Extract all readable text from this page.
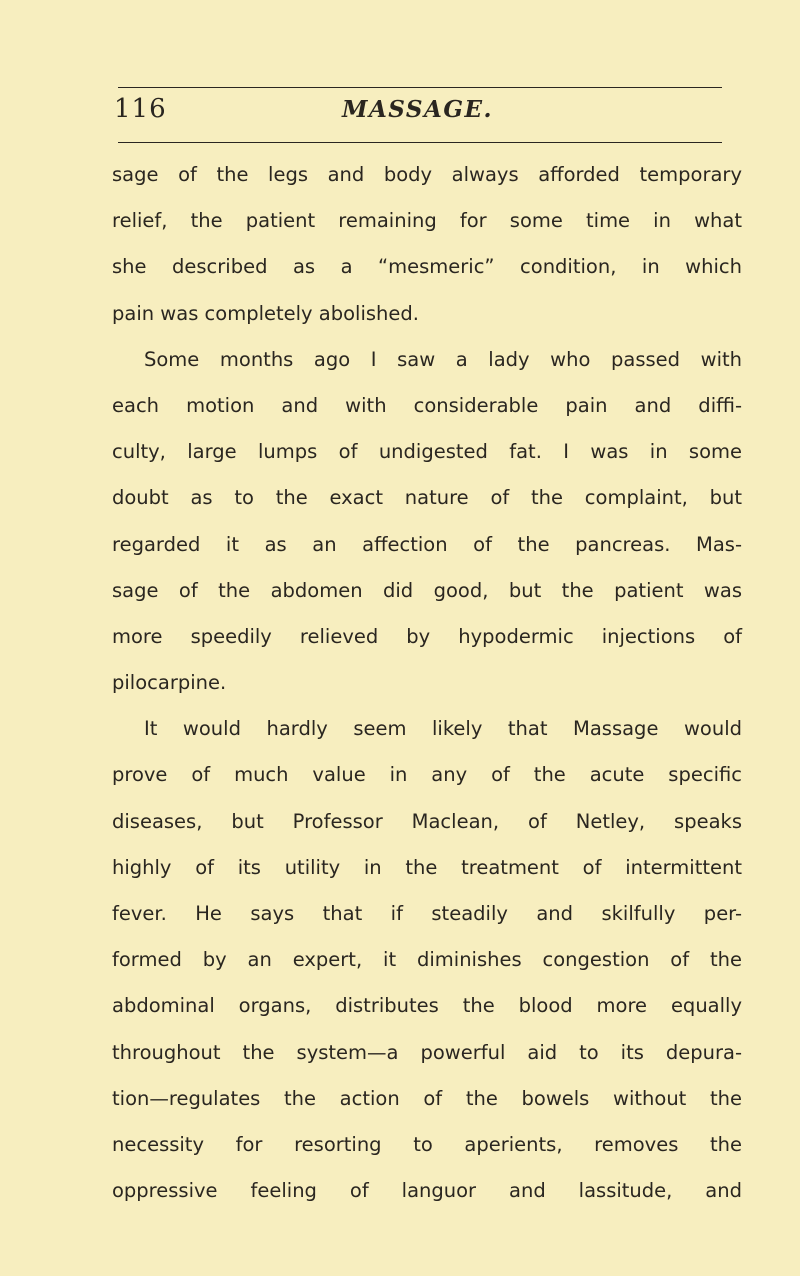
116	MASSAGE.
sage of the legs and body always afforded temporary
relief, the patient remaining for some time in what
she described as a “mesmeric” condition, in which
pain was completely abolished.
Some months ago I saw a lady who passed with
each motion and with considerable pain and diffi-
culty, large lumps of undigested fat. I was in some
doubt as to the exact nature of the complaint, but
regarded it as an affection of the pancreas. Mas-
sage of the abdomen did good, but the patient was
more speedily relieved by hypodermic injections of
pilocarpine.
It would hardly seem likely that Massage would
prove of much value in any of the acute specific
diseases, but Professor Maclean, of Netley, speaks
highly of its utility in the treatment of intermittent
fever. He says that if steadily and skilfully per-
formed by an expert, it diminishes congestion of the
abdominal organs, distributes the blood more equally
throughout the system—a powerful aid to its depura-
tion—regulates the action of the bowels without the
necessity for resorting to aperients, removes the
oppressive feeling of languor and lassitude, and
